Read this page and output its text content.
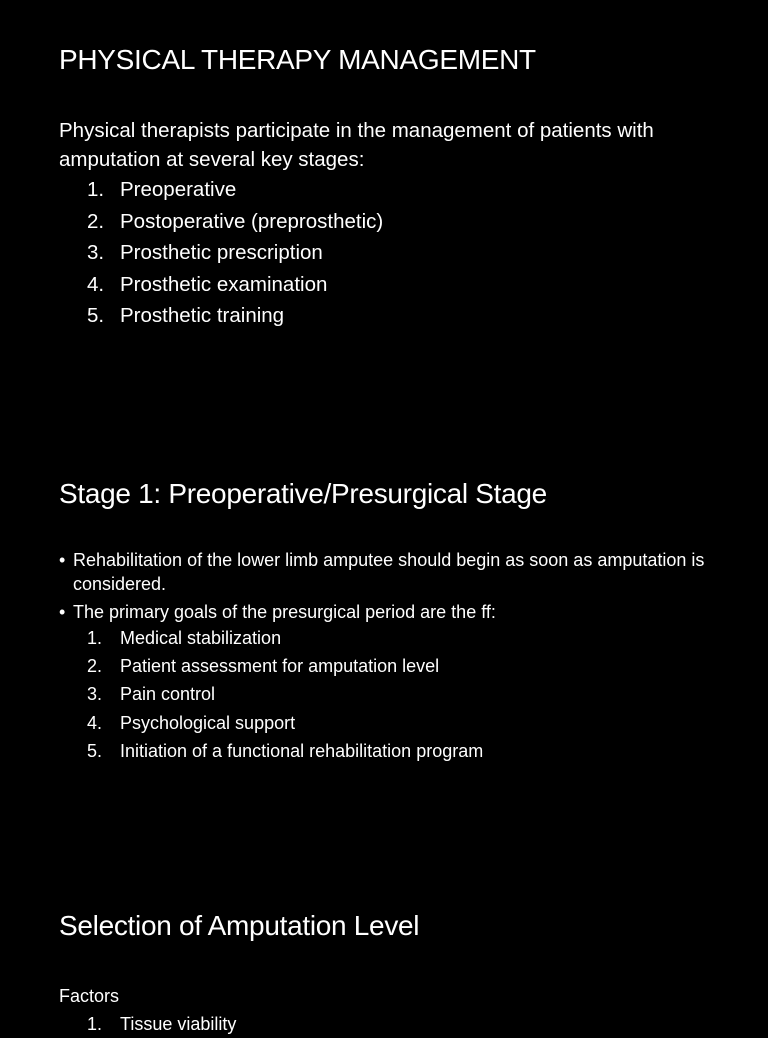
PHYSICAL THERAPY MANAGEMENT

Physical therapists participate in the management of patients with amputation at several key stages:

1. Preoperative
2. Postoperative (preprosthetic)
3. Prosthetic prescription
4. Prosthetic examination
5. Prosthetic training
Stage 1: Preoperative/Presurgical Stage
• Rehabilitation of the lower limb amputee should begin as soon as amputation is considered.
• The primary goals of the presurgical period are the ff:
1. Medical stabilization
2. Patient assessment for amputation level
3. Pain control
4. Psychological support
5. Initiation of a functional rehabilitation program
Selection of Amputation Level

Factors

1. Tissue viability
